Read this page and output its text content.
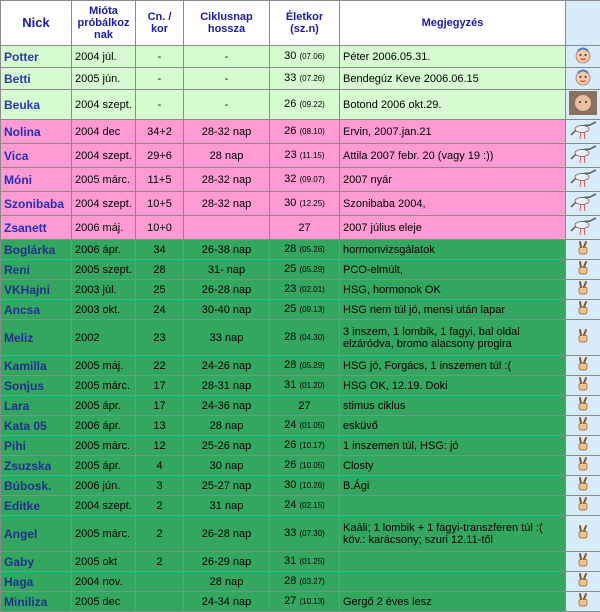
Nick	Mióta próbálkoz nak	Cn. / kor	Ciklusnap hossza	Életkor (sz.n)	Megjegyzés	
Potter	2004 júl.	-	-	30 (07.06)	Péter 2006.05.31.	
Betti	2005 jún.	-	-	33 (07.26)	Bendegúz Keve 2006.06.15	
Beuka	2004 szept.	-	-	26 (09.22)	Botond 2006 okt.29.	
Nolina	2004 dec	34+2	28-32 nap	26 (08.10)	Ervin, 2007.jan.21	
Vica	2004 szept.	29+6	28 nap	23 (11.15)	Attila 2007 febr. 20 (vagy 19 :))	
Móni	2005 márc.	11+5	28-32 nap	32 (09.07)	2007 nyár	
Szonibaba	2004 szept.	10+5	28-32 nap	30 (12.25)	Szonibaba 2004,	
Zsanett	2006 máj.	10+0		27	2007 július eleje	
Boglárka	2006 ápr.	34	26-38 nap	28 (05.26)	hormonvizsgálatok	
Reni	2005 szept.	28	31- nap	25 (05.29)	PCO-elmúlt,	
VKHajni	2003 júl.	25	26-28 nap	23 (02.01)	HSG, hormonok OK	
Ancsa	2003 okt.	24	30-40 nap	25 (09.13)	HSG nem túl jó, mensi után lapar	
Meliz	2002	23	33 nap	28 (04.30)	3 inszem, 1 lombik, 1 fagyi, bal oldal elzáródva, bromo alacsony progira	
Kamilla	2005 máj.	22	24-26 nap	28 (05.29)	HSG jó, Forgács, 1 inszemen túl :(	
Sonjus	2005 márc.	17	28-31 nap	31 (01.20)	HSG OK, 12.19. Doki	
Lara	2005 ápr.	17	24-36 nap	27	stimus ciklus	
Kata 05	2006 ápr.	13	28 nap	24 (01.05)	esküvő	
Pihi	2005 márc.	12	25-26 nap	26 (10.17)	1 inszemen túl, HSG: jó	
Zsuzska	2005 ápr.	4	30 nap	26 (10.05)	Closty	
Búbosk.	2006 jún.	3	25-27 nap	30 (10.26)	B.Ági	
Editke	2004 szept.	2	31 nap	24 (02.15)		
Angel	2005 márc.	2	26-28 nap	33 (07.30)	Kaáli; 1 lombik + 1 fagyi-transzferen túl :( köv.: karácsony; szuri 12.11-től	
Gaby	2005 okt	2	26-29 nap	31 (01.25)		
Haga	2004 nov.		28 nap	28 (03.27)		
Miniliza	2005 dec		24-34 nap	27 (10.13)	Gergő 2 éves lesz	
